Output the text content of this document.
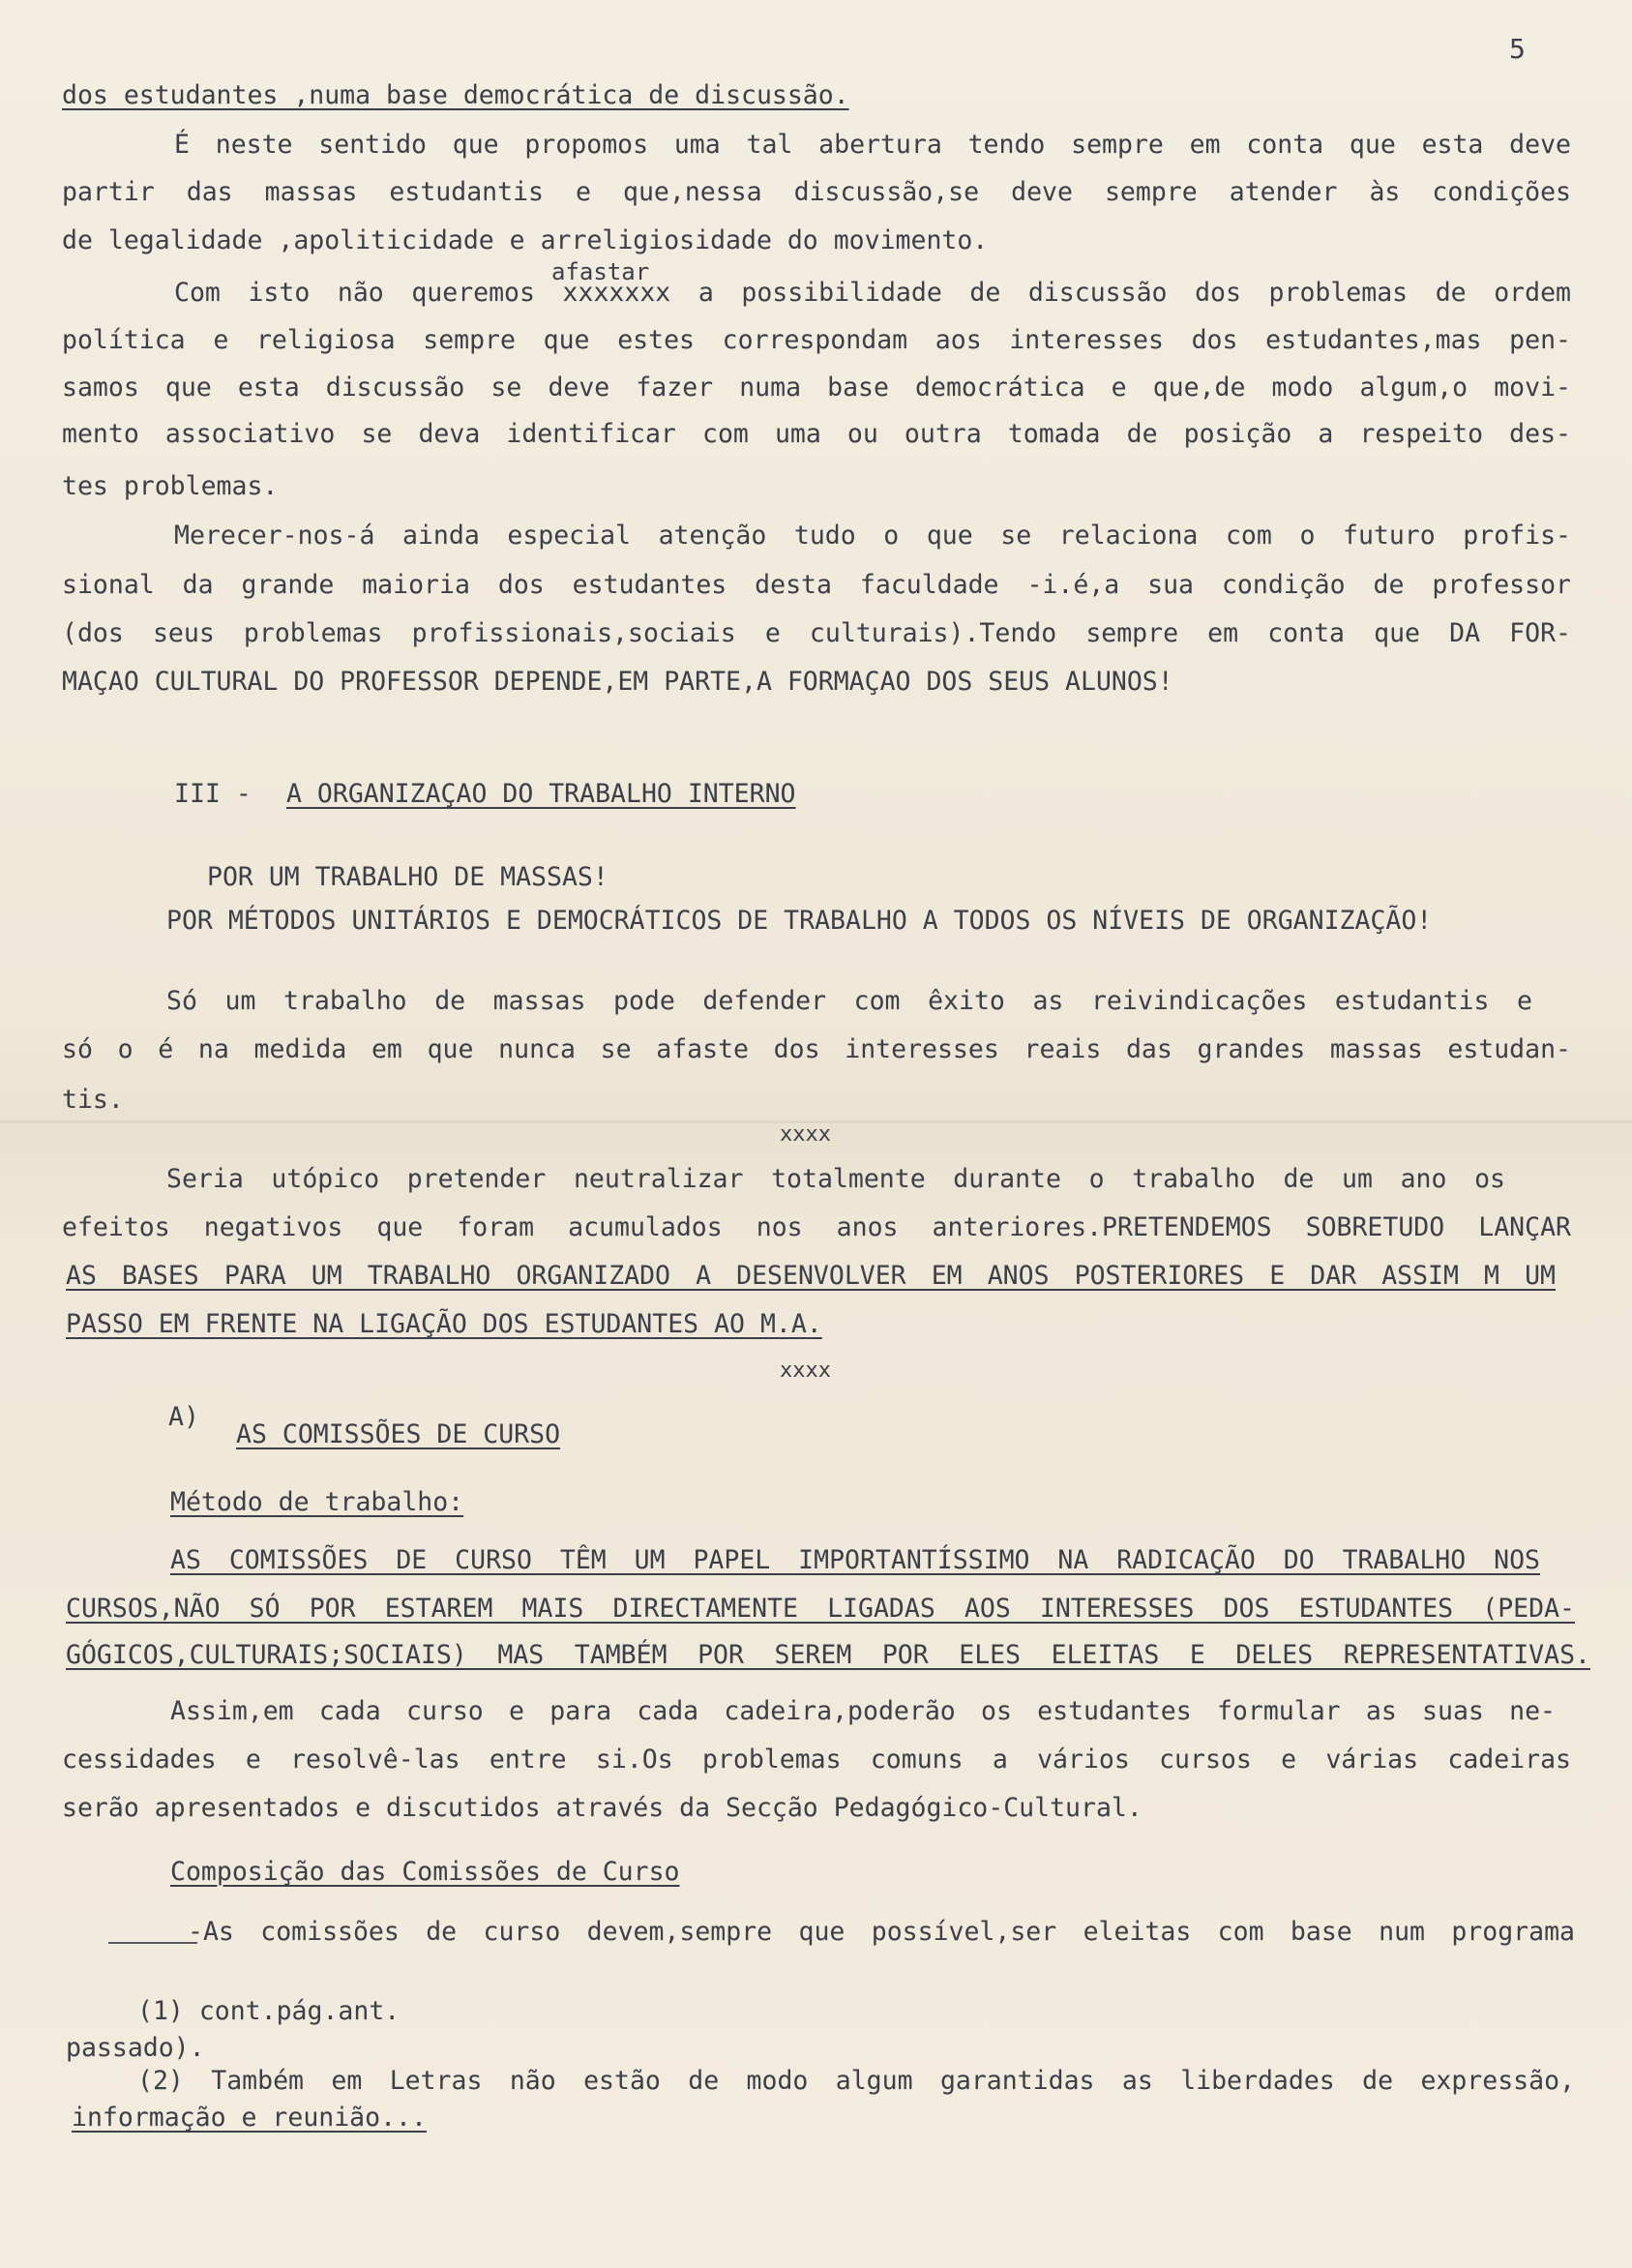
5
dos estudantes ,numa base democrática de discussão.
É neste sentido que propomos uma tal abertura tendo sempre em conta que esta deve
partir das massas estudantis e que,nessa discussão,se deve sempre atender às condições
de legalidade ,apoliticidade e arreligiosidade do movimento.
afastar
Com isto não queremos xxxxxxx a possibilidade de discussão dos problemas de ordem
política e religiosa sempre que estes correspondam aos interesses dos estudantes,mas pen-
samos que esta discussão se deve fazer numa base democrática e que,de modo algum,o movi-
mento associativo se deva identificar com uma ou outra tomada de posição a respeito des-
tes problemas.
Merecer-nos-á ainda especial atenção tudo o que se relaciona com o futuro profis-
sional da grande maioria dos estudantes desta faculdade -i.é,a sua condição de professor
(dos seus problemas profissionais,sociais e culturais).Tendo sempre em conta que DA FOR-
MAÇAO CULTURAL DO PROFESSOR DEPENDE,EM PARTE,A FORMAÇAO DOS SEUS ALUNOS!
III - A ORGANIZAÇAO DO TRABALHO INTERNO
POR UM TRABALHO DE MASSAS!
POR MÉTODOS UNITÁRIOS E DEMOCRÁTICOS DE TRABALHO A TODOS OS NÍVEIS DE ORGANIZAÇÃO!
Só um trabalho de massas pode defender com êxito as reivindicações estudantis e
só o é na medida em que nunca se afaste dos interesses reais das grandes massas estudan-
tis.
xxxx
Seria utópico pretender neutralizar totalmente durante o trabalho de um ano os
efeitos negativos que foram acumulados nos anos anteriores.PRETENDEMOS SOBRETUDO LANÇAR
AS BASES PARA UM TRABALHO ORGANIZADO A DESENVOLVER EM ANOS POSTERIORES E DAR ASSIM M UM
PASSO EM FRENTE NA LIGAÇÃO DOS ESTUDANTES AO M.A.
xxxx
A)
AS COMISSÕES DE CURSO
Método de trabalho:
AS COMISSÕES DE CURSO TÊM UM PAPEL IMPORTANTÍSSIMO NA RADICAÇÃO DO TRABALHO NOS
CURSOS,NÃO SÓ POR ESTAREM MAIS DIRECTAMENTE LIGADAS AOS INTERESSES DOS ESTUDANTES (PEDA-
GÓGICOS,CULTURAIS;SOCIAIS) MAS TAMBÉM POR SEREM POR ELES ELEITAS E DELES REPRESENTATIVAS.
Assim,em cada curso e para cada cadeira,poderão os estudantes formular as suas ne-
cessidades e resolvê-las entre si.Os problemas comuns a vários cursos e várias cadeiras
serão apresentados e discutidos através da Secção Pedagógico-Cultural.
Composição das Comissões de Curso
-As comissões de curso devem,sempre que possível,ser eleitas com base num programa
(1) cont.pág.ant.
passado).
(2) Também em Letras não estão de modo algum garantidas as liberdades de expressão,
informação e reunião...
